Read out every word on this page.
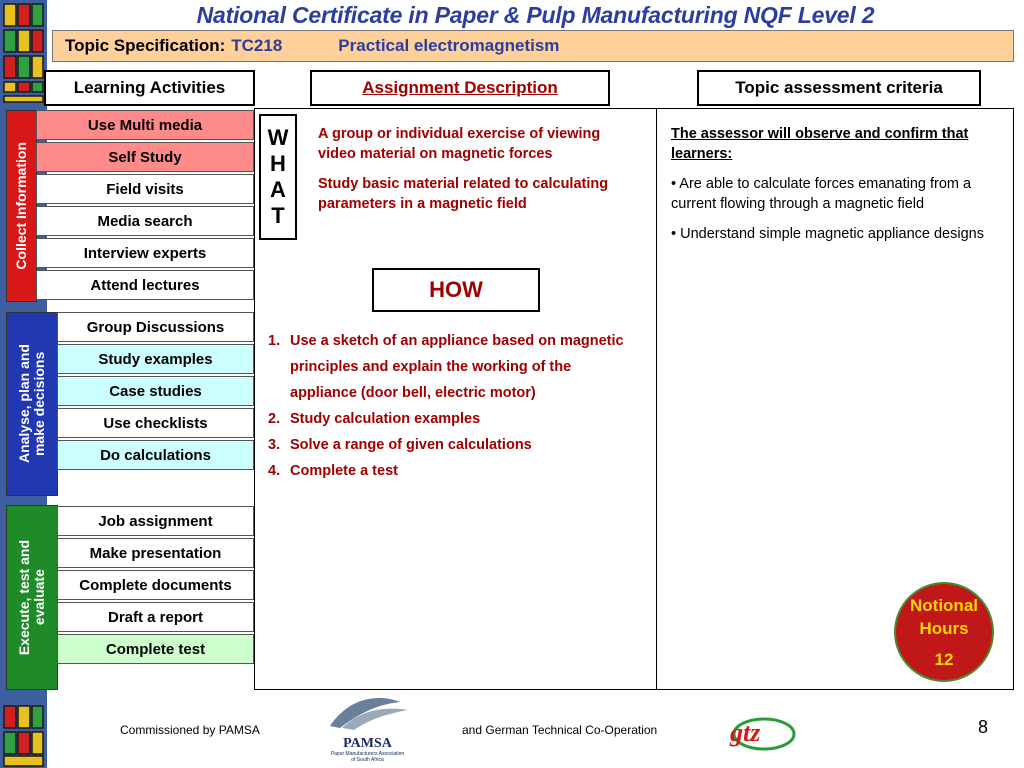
National Certificate in Paper & Pulp Manufacturing NQF Level 2
Topic Specification: TC218	Practical electromagnetism
Learning Activities	Assignment Description	Topic assessment criteria
Collect Information
Use Multi media
Self Study
Field visits
Media search
Interview experts
Attend lectures
Analyse, plan and
make decisions
Group Discussions
Study examples
Case studies
Use checklists
Do calculations
Execute, test and
evaluate
Job assignment
Make presentation
Complete documents
Draft a report
Complete test
W
H
A
T

A group or individual exercise of viewing video material on magnetic forces

Study basic material related to calculating parameters in a magnetic field

HOW
1. Use a sketch of an appliance based on magnetic principles and explain the working of the appliance (door bell, electric motor)
2. Study calculation examples
3. Solve a range of given calculations
4. Complete a test
The assessor will observe and confirm that learners:

• Are able to calculate forces emanating from a current flowing through a magnetic field

• Understand simple magnetic appliance designs

Notional
Hours
12
Commissioned by PAMSA
PAMSA
Paper Manufacturers Association
of South Africa
and German Technical Co-Operation	gtz	8
